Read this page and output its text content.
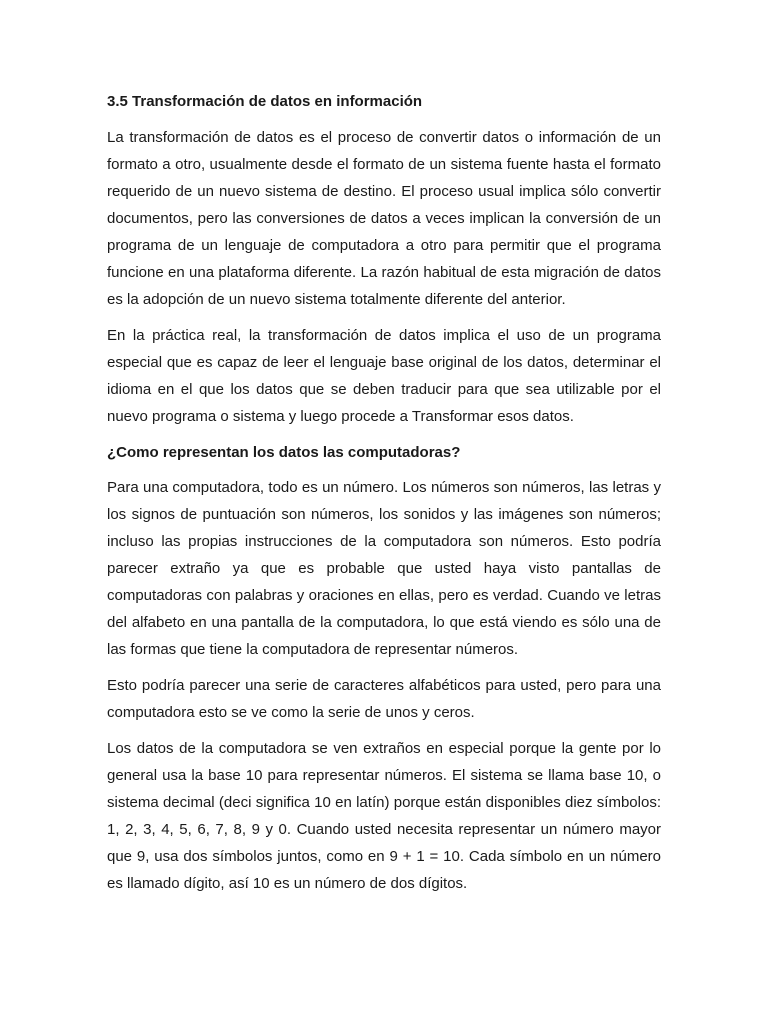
3.5 Transformación de datos en información

La transformación de datos es el proceso de convertir datos o información de un formato a otro, usualmente desde el formato de un sistema fuente hasta el formato requerido de un nuevo sistema de destino. El proceso usual implica sólo convertir documentos, pero las conversiones de datos a veces implican la conversión de un programa de un lenguaje de computadora a otro para permitir que el programa funcione en una plataforma diferente. La razón habitual de esta migración de datos es la adopción de un nuevo sistema totalmente diferente del anterior.

En la práctica real, la transformación de datos implica el uso de un programa especial que es capaz de leer el lenguaje base original de los datos, determinar el idioma en el que los datos que se deben traducir para que sea utilizable por el nuevo programa o sistema y luego procede a Transformar esos datos.

¿Como representan los datos las computadoras?

Para una computadora, todo es un número. Los números son números, las letras y los signos de puntuación son números, los sonidos y las imágenes son números; incluso las propias instrucciones de la computadora son números. Esto podría parecer extraño ya que es probable que usted haya visto pantallas de computadoras con palabras y oraciones en ellas, pero es verdad. Cuando ve letras del alfabeto en una pantalla de la computadora, lo que está viendo es sólo una de las formas que tiene la computadora de representar números.

Esto podría parecer una serie de caracteres alfabéticos para usted, pero para una computadora esto se ve como la serie de unos y ceros.

Los datos de la computadora se ven extraños en especial porque la gente por lo general usa la base 10 para representar números. El sistema se llama base 10, o sistema decimal (deci significa 10 en latín) porque están disponibles diez símbolos: 1, 2, 3, 4, 5, 6, 7, 8, 9 y 0. Cuando usted necesita representar un número mayor que 9, usa dos símbolos juntos, como en 9 + 1 = 10. Cada símbolo en un número es llamado dígito, así 10 es un número de dos dígitos.
